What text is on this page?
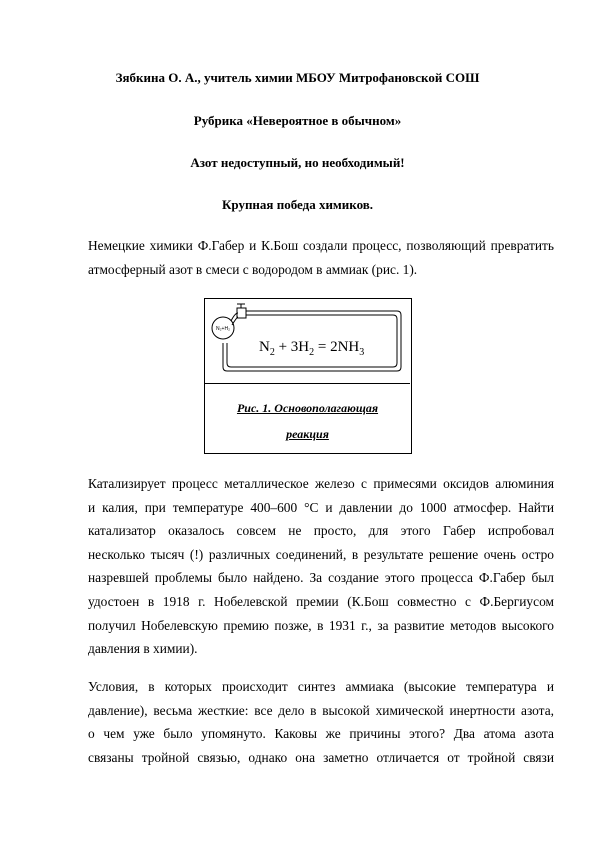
Зябкина О. А., учитель химии МБОУ Митрофановской СОШ
Рубрика «Невероятное в обычном»
Азот недоступный, но необходимый!
Крупная победа химиков.
Немецкие химики Ф.Габер и К.Бош создали процесс, позволяющий превратить
атмосферный азот в смеси с водородом в аммиак (рис. 1).
N₂+H₂
$N_2 + 3H_2 = 2NH_3$
Рис. 1. Основополагающая
реакция
Катализирует процесс металлическое железо с примесями оксидов алюминия
и калия, при температуре 400–600 °С и давлении до 1000 атмосфер. Найти
катализатор оказалось совсем не просто, для этого Габер испробовал
несколько тысяч (!) различных соединений, в результате решение очень остро
назревшей проблемы было найдено. За создание этого процесса Ф.Габер был
удостоен в 1918 г. Нобелевской премии (К.Бош совместно с Ф.Бергиусом
получил Нобелевскую премию позже, в 1931 г., за развитие методов высокого
давления в химии).
Условия, в которых происходит синтез аммиака (высокие температура и
давление), весьма жесткие: все дело в высокой химической инертности азота,
о чем уже было упомянуто. Каковы же причины этого? Два атома азота
связаны тройной связью, однако она заметно отличается от тройной связи
